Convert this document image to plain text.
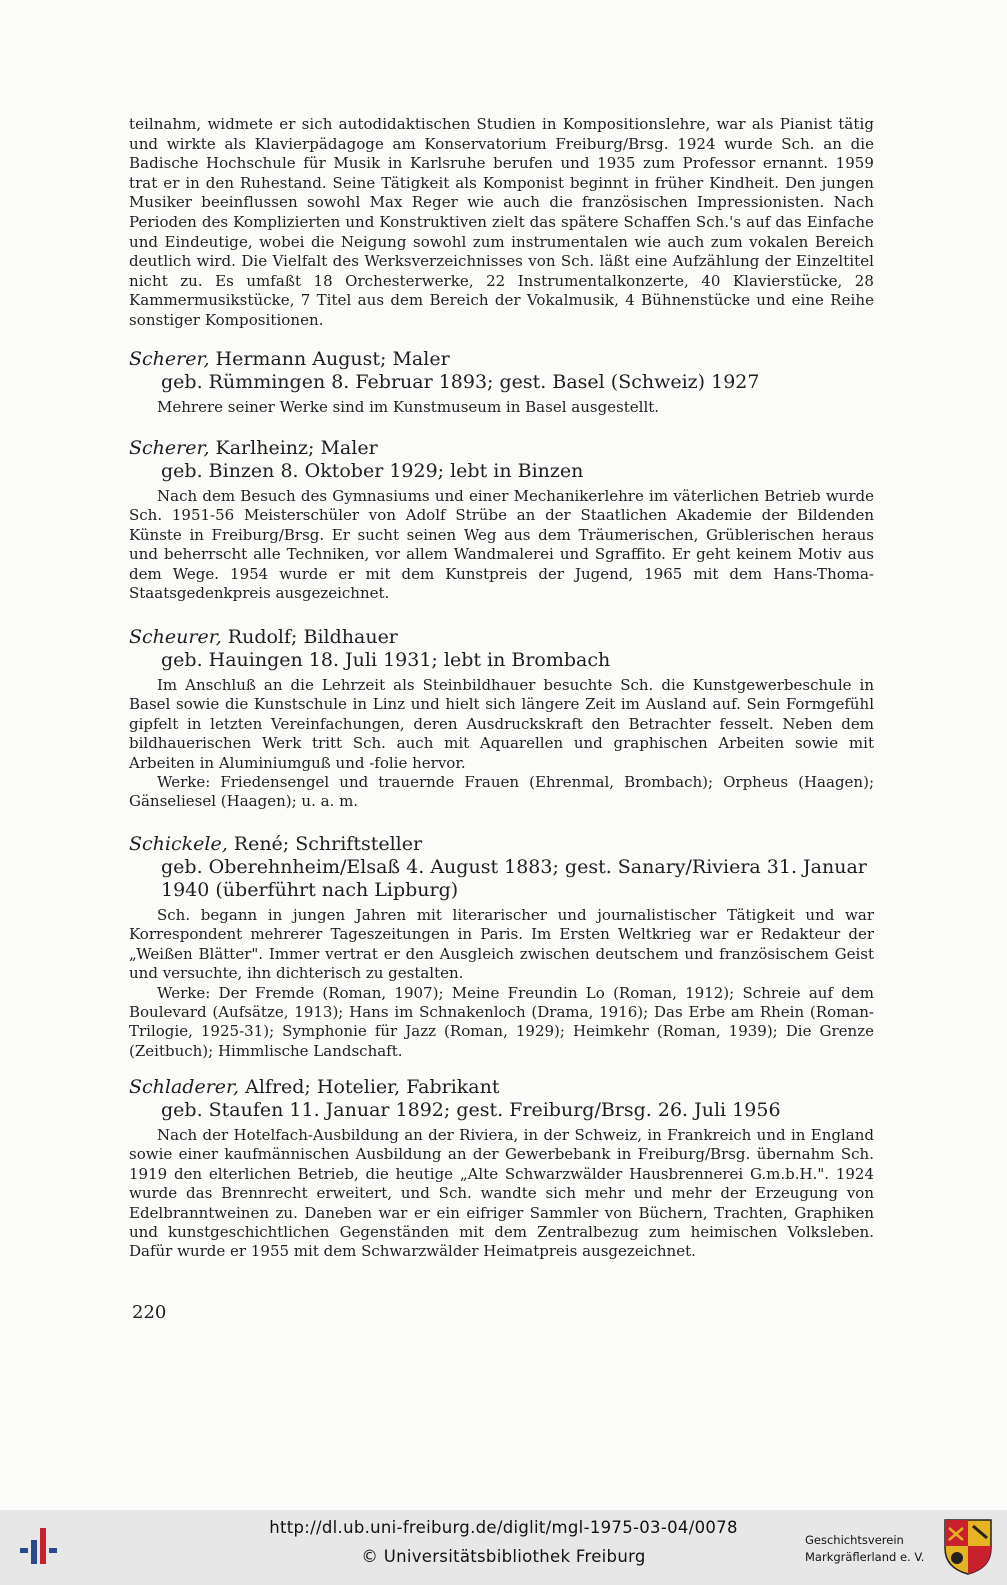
teilnahm, widmete er sich autodidaktischen Studien in Kompositionslehre, war als Pianist tätig und wirkte als Klavierpädagoge am Konservatorium Freiburg/Brsg. 1924 wurde Sch. an die Badische Hochschule für Musik in Karlsruhe berufen und 1935 zum Professor ernannt. 1959 trat er in den Ruhestand. Seine Tätigkeit als Komponist beginnt in früher Kindheit. Den jungen Musiker beeinflussen sowohl Max Reger wie auch die französischen Impressionisten. Nach Perioden des Komplizierten und Konstruktiven zielt das spätere Schaffen Sch.'s auf das Einfache und Eindeutige, wobei die Neigung sowohl zum instrumentalen wie auch zum vokalen Bereich deutlich wird. Die Vielfalt des Werksverzeichnisses von Sch. läßt eine Aufzählung der Einzeltitel nicht zu. Es umfaßt 18 Orchesterwerke, 22 Instrumentalkonzerte, 40 Klavierstücke, 28 Kammermusikstücke, 7 Titel aus dem Bereich der Vokalmusik, 4 Bühnenstücke und eine Reihe sonstiger Kompositionen.

Scherer, Hermann August; Maler

geb. Rümmingen 8. Februar 1893; gest. Basel (Schweiz) 1927

Mehrere seiner Werke sind im Kunstmuseum in Basel ausgestellt.

Scherer, Karlheinz; Maler

geb. Binzen 8. Oktober 1929; lebt in Binzen

Nach dem Besuch des Gymnasiums und einer Mechanikerlehre im väterlichen Betrieb wurde Sch. 1951-56 Meisterschüler von Adolf Strübe an der Staatlichen Akademie der Bildenden Künste in Freiburg/Brsg. Er sucht seinen Weg aus dem Träumerischen, Grüblerischen heraus und beherrscht alle Techniken, vor allem Wandmalerei und Sgraffito. Er geht keinem Motiv aus dem Wege. 1954 wurde er mit dem Kunstpreis der Jugend, 1965 mit dem Hans-Thoma-Staatsgedenkpreis ausgezeichnet.

Scheurer, Rudolf; Bildhauer

geb. Hauingen 18. Juli 1931; lebt in Brombach

Im Anschluß an die Lehrzeit als Steinbildhauer besuchte Sch. die Kunstgewerbeschule in Basel sowie die Kunstschule in Linz und hielt sich längere Zeit im Ausland auf. Sein Formgefühl gipfelt in letzten Vereinfachungen, deren Ausdruckskraft den Betrachter fesselt. Neben dem bildhauerischen Werk tritt Sch. auch mit Aquarellen und graphischen Arbeiten sowie mit Arbeiten in Aluminiumguß und -folie hervor.

Werke: Friedensengel und trauernde Frauen (Ehrenmal, Brombach); Orpheus (Haagen); Gänseliesel (Haagen); u. a. m.

Schickele, René; Schriftsteller

geb. Oberehnheim/Elsaß 4. August 1883; gest. Sanary/Riviera 31. Januar 1940 (überführt nach Lipburg)

Sch. begann in jungen Jahren mit literarischer und journalistischer Tätigkeit und war Korrespondent mehrerer Tageszeitungen in Paris. Im Ersten Weltkrieg war er Redakteur der „Weißen Blätter". Immer vertrat er den Ausgleich zwischen deutschem und französischem Geist und versuchte, ihn dichterisch zu gestalten.

Werke: Der Fremde (Roman, 1907); Meine Freundin Lo (Roman, 1912); Schreie auf dem Boulevard (Aufsätze, 1913); Hans im Schnakenloch (Drama, 1916); Das Erbe am Rhein (Roman-Trilogie, 1925-31); Symphonie für Jazz (Roman, 1929); Heimkehr (Roman, 1939); Die Grenze (Zeitbuch); Himmlische Landschaft.

Schladerer, Alfred; Hotelier, Fabrikant

geb. Staufen 11. Januar 1892; gest. Freiburg/Brsg. 26. Juli 1956

Nach der Hotelfach-Ausbildung an der Riviera, in der Schweiz, in Frankreich und in England sowie einer kaufmännischen Ausbildung an der Gewerbebank in Freiburg/Brsg. übernahm Sch. 1919 den elterlichen Betrieb, die heutige „Alte Schwarzwälder Hausbrennerei G.m.b.H.". 1924 wurde das Brennrecht erweitert, und Sch. wandte sich mehr und mehr der Erzeugung von Edelbranntweinen zu. Daneben war er ein eifriger Sammler von Büchern, Trachten, Graphiken und kunstgeschichtlichen Gegenständen mit dem Zentralbezug zum heimischen Volksleben. Dafür wurde er 1955 mit dem Schwarzwälder Heimatpreis ausgezeichnet.

220
http://dl.ub.uni-freiburg.de/diglit/mgl-1975-03-04/0078
© Universitätsbibliothek Freiburg
Geschichtsverein
Markgräflerland e. V.
